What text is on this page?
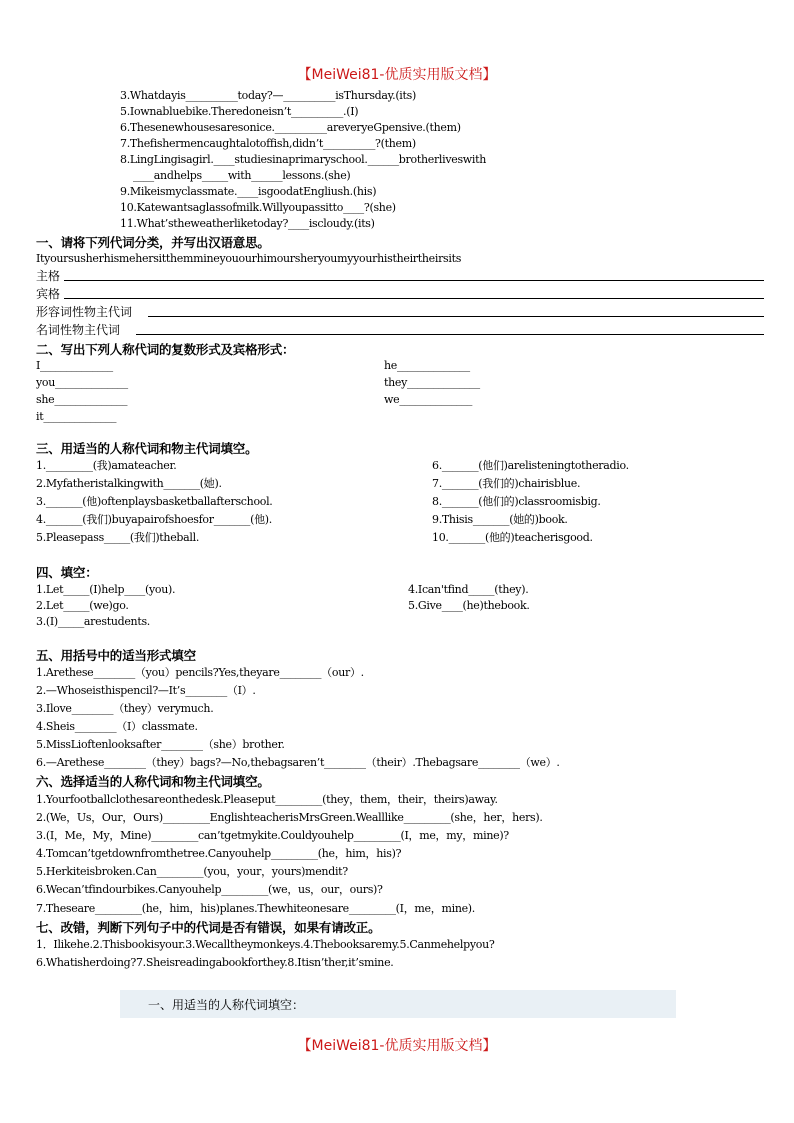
【MeiWei81-优质实用版文档】
3.Whatdayis__________today?—__________isThursday.(its)
5.Iownabluebike.Theredoneisn’t__________.(I)
6.Thesenewhousesaresonice.__________areveryeGpensive.(them)
7.Thefishermencaughtalotoffish,didn’t__________?(them)
8.LingLingisagirl.____studiesinaprimaryschool.______brotherliveswith
____andhelps_____with______lessons.(she)
9.Mikeismyclassmate.____isgoodatEngliush.(his)
10.Katewantsaglassofmilk.Willyoupassitto____?(she)
11.What’stheweatherliketoday?____iscloudy.(its)
一、请将下列代词分类，并写出汉语意思。
Ityoursusherhismehersitthemmineyouourhimoursheryoumyyourhistheirtheirsits
主格
宾格
形容词性物主代词
名词性物主代词
二、写出下列人称代词的复数形式及宾格形式：
I______________
you______________
she______________
it______________
he______________
they______________
we______________
三、用适当的人称代词和物主代词填空。
1._________(我)amateacher.
2.Myfatheristalkingwith_______(她).
3._______(他)oftenplaysbasketballafterschool.
4._______(我们)buyapairofshoesfor_______(他).
5.Pleasepass_____(我们)theball.
6._______(他们)arelisteningtotheradio.
7._______(我们的)chairisblue.
8._______(他们的)classroomisbig.
9.Thisis_______(她的)book.
10._______(他的)teacherisgood.
四、填空：
1.Let_____(I)help____(you).
2.Let_____(we)go.
3.(I)_____arestudents.
4.Ican'tfind_____(they).
5.Give____(he)thebook.
五、用括号中的适当形式填空
1.Arethese________（you）pencils?Yes,theyare________（our）.
2.—Whoseisthispencil?—It’s________（I）.
3.Ilove________（they）verymuch.
4.Sheis________（I）classmate.
5.MissLioftenlooksafter________（she）brother.
6.—Arethese________（they）bags?—No,thebagsaren’t________（their）.Thebagsare________（we）.
六、选择适当的人称代词和物主代词填空。
1.Yourfootballclothesareonthedesk.Pleaseput_________(they，them，their，theirs)away.
2.(We，Us，Our，Ours)_________EnglishteacherisMrsGreen.Wealllike_________(she，her，hers).
3.(I，Me，My，Mine)_________can’tgetmykite.Couldyouhelp_________(I，me，my，mine)?
4.Tomcan’tgetdownfromthetree.Canyouhelp_________(he，him，his)?
5.Herkiteisbroken.Can_________(you，your，yours)mendit?
6.Wecan’tfindourbikes.Canyouhelp_________(we，us，our，ours)?
7.Theseare_________(he，him，his)planes.Thewhiteonesare_________(I，me，mine).
七、改错，判断下列句子中的代词是否有错误，如果有请改正。
1．Ilikehe.2.Thisbookisyour.3.Wecallthey​monkeys.4.Thebooksaremy.5.Canmehelpyou?
6.Whatisherdoing?7.Sheisreadingabookforthey.8.Itisn’ther,it’smine.
一、用适当的人称代词填空：
【MeiWei81-优质实用版文档】
